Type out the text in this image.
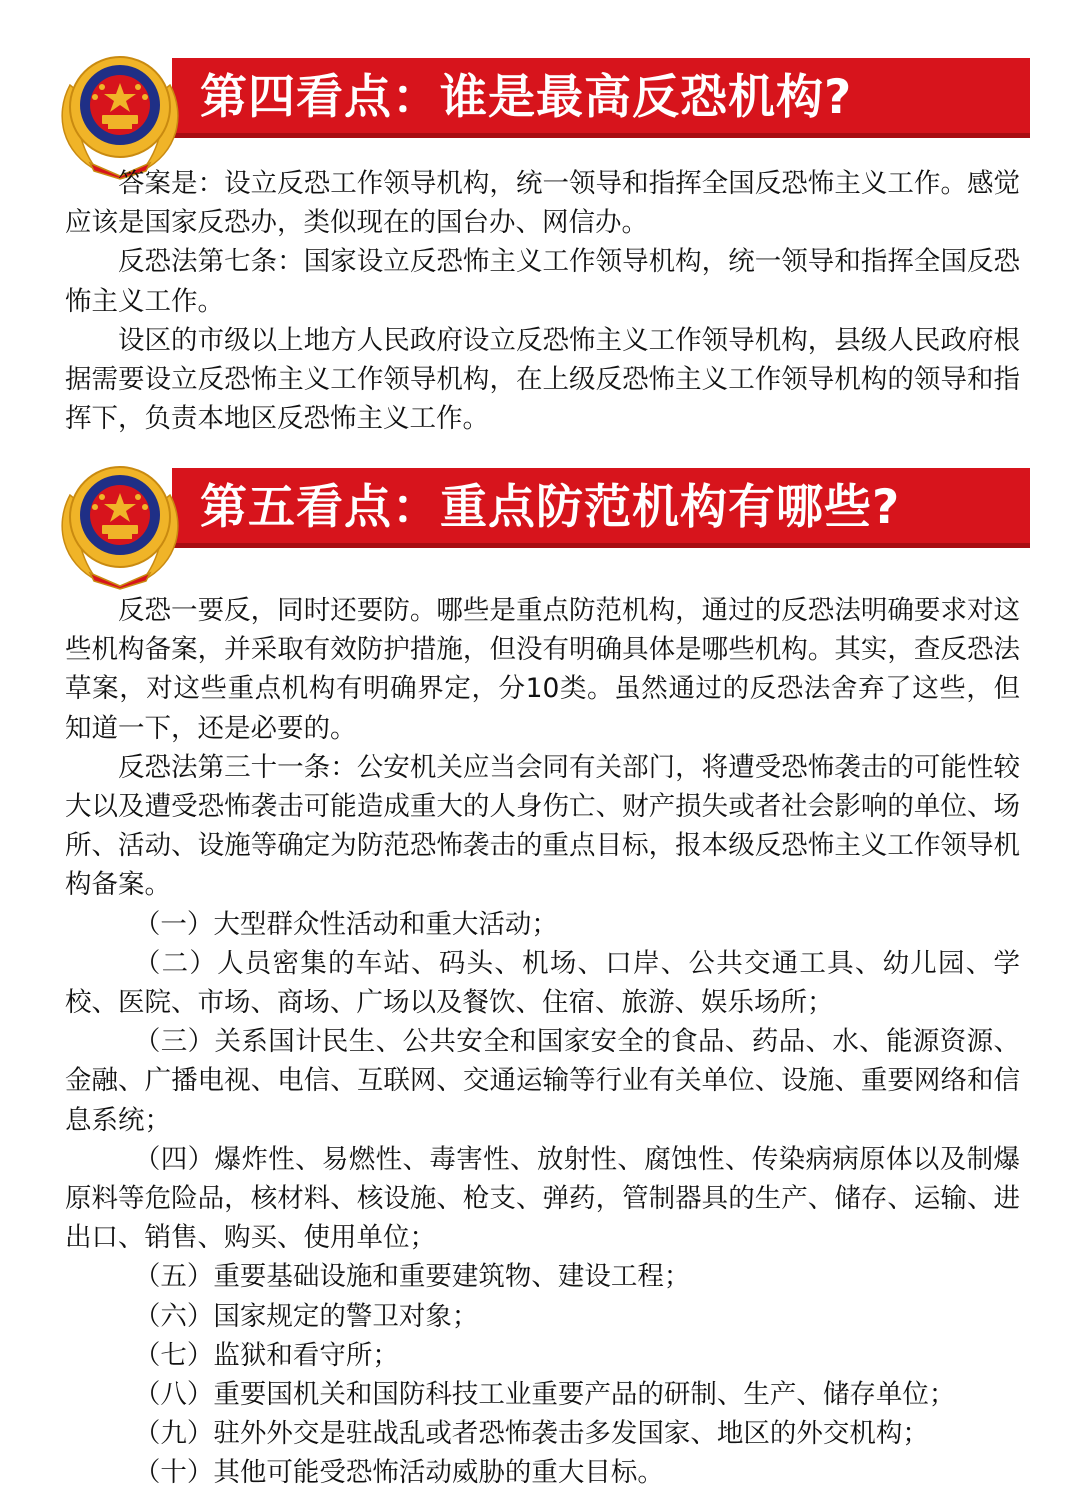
第四看点：谁是最高反恐机构?

答案是：设立反恐工作领导机构，统一领导和指挥全国反恐怖主义工作。感觉应该是国家反恐办，类似现在的国台办、网信办。

反恐法第七条：国家设立反恐怖主义工作领导机构，统一领导和指挥全国反恐怖主义工作。

设区的市级以上地方人民政府设立反恐怖主义工作领导机构，县级人民政府根据需要设立反恐怖主义工作领导机构，在上级反恐怖主义工作领导机构的领导和指挥下，负责本地区反恐怖主义工作。

第五看点：重点防范机构有哪些?

反恐一要反，同时还要防。哪些是重点防范机构，通过的反恐法明确要求对这些机构备案，并采取有效防护措施，但没有明确具体是哪些机构。其实，查反恐法草案，对这些重点机构有明确界定，分10类。虽然通过的反恐法舍弃了这些，但知道一下，还是必要的。

反恐法第三十一条：公安机关应当会同有关部门，将遭受恐怖袭击的可能性较大以及遭受恐怖袭击可能造成重大的人身伤亡、财产损失或者社会影响的单位、场所、活动、设施等确定为防范恐怖袭击的重点目标，报本级反恐怖主义工作领导机构备案。

（一）大型群众性活动和重大活动；

（二）人员密集的车站、码头、机场、口岸、公共交通工具、幼儿园、学校、医院、市场、商场、广场以及餐饮、住宿、旅游、娱乐场所；

（三）关系国计民生、公共安全和国家安全的食品、药品、水、能源资源、金融、广播电视、电信、互联网、交通运输等行业有关单位、设施、重要网络和信息系统；

（四）爆炸性、易燃性、毒害性、放射性、腐蚀性、传染病病原体以及制爆原料等危险品，核材料、核设施、枪支、弹药，管制器具的生产、储存、运输、进出口、销售、购买、使用单位；

（五）重要基础设施和重要建筑物、建设工程；

（六）国家规定的警卫对象；

（七）监狱和看守所；

（八）重要国机关和国防科技工业重要产品的研制、生产、储存单位；

（九）驻外外交是驻战乱或者恐怖袭击多发国家、地区的外交机构；

（十）其他可能受恐怖活动威胁的重大目标。
